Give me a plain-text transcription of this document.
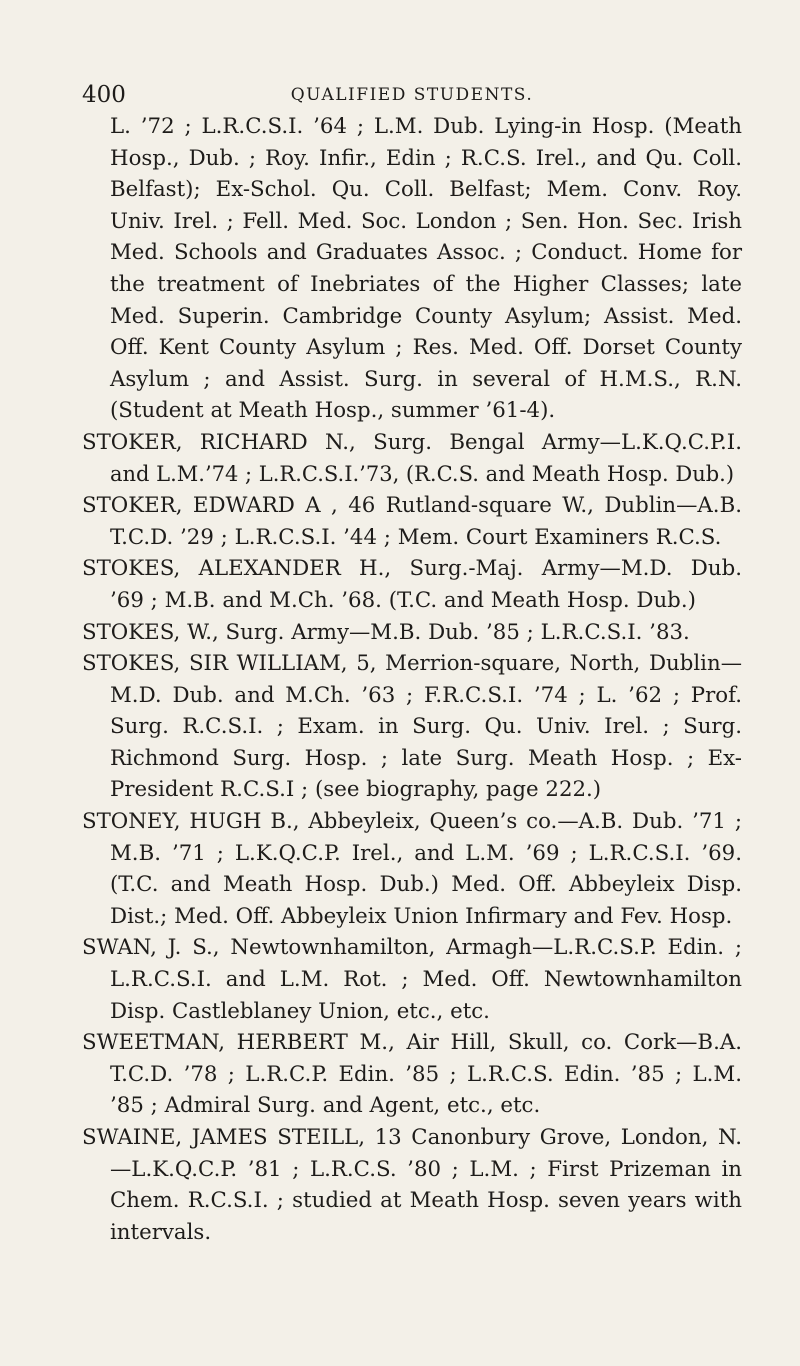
400	QUALIFIED STUDENTS.
L. ’72 ; L.R.C.S.I. ’64 ; L.M. Dub. Lying-in Hosp. (Meath
Hosp., Dub. ; Roy. Infir., Edin ; R.C.S. Irel., and Qu. Coll.
Belfast); Ex-Schol. Qu. Coll. Belfast; Mem. Conv. Roy.
Univ. Irel. ; Fell. Med. Soc. London ; Sen. Hon. Sec. Irish
Med. Schools and Graduates Assoc. ; Conduct. Home for
the treatment of Inebriates of the Higher Classes; late
Med. Superin. Cambridge County Asylum; Assist. Med.
Off. Kent County Asylum ; Res. Med. Off. Dorset County
Asylum ; and Assist. Surg. in several of H.M.S., R.N.
(Student at Meath Hosp., summer ’61-4).
STOKER, RICHARD N., Surg. Bengal Army—L.K.Q.C.P.I.
and L.M.’74 ; L.R.C.S.I.’73, (R.C.S. and Meath Hosp. Dub.)
STOKER, EDWARD A , 46 Rutland-square W., Dublin—A.B.
T.C.D. ’29 ; L.R.C.S.I. ’44 ; Mem. Court Examiners R.C.S.
STOKES, ALEXANDER H., Surg.-Maj. Army—M.D. Dub.
’69 ; M.B. and M.Ch. ’68. (T.C. and Meath Hosp. Dub.)
STOKES, W., Surg. Army—M.B. Dub. ’85 ; L.R.C.S.I. ’83.
STOKES, SIR WILLIAM, 5, Merrion-square, North, Dublin—
M.D. Dub. and M.Ch. ’63 ; F.R.C.S.I. ’74 ; L. ’62 ; Prof.
Surg. R.C.S.I. ; Exam. in Surg. Qu. Univ. Irel. ; Surg.
Richmond Surg. Hosp. ; late Surg. Meath Hosp. ; Ex-
President R.C.S.I ; (see biography, page 222.)
STONEY, HUGH B., Abbeyleix, Queen’s co.—A.B. Dub. ’71 ;
M.B. ’71 ; L.K.Q.C.P. Irel., and L.M. ’69 ; L.R.C.S.I. ’69.
(T.C. and Meath Hosp. Dub.) Med. Off. Abbeyleix Disp.
Dist.; Med. Off. Abbeyleix Union Infirmary and Fev. Hosp.
SWAN, J. S., Newtownhamilton, Armagh—L.R.C.S.P. Edin. ;
L.R.C.S.I. and L.M. Rot. ; Med. Off. Newtownhamilton
Disp. Castleblaney Union, etc., etc.
SWEETMAN, HERBERT M., Air Hill, Skull, co. Cork—B.A.
T.C.D. ’78 ; L.R.C.P. Edin. ’85 ; L.R.C.S. Edin. ’85 ; L.M.
’85 ; Admiral Surg. and Agent, etc., etc.
SWAINE, JAMES STEILL, 13 Canonbury Grove, London, N.
—L.K.Q.C.P. ’81 ; L.R.C.S. ’80 ; L.M. ; First Prizeman in
Chem. R.C.S.I. ; studied at Meath Hosp. seven years with
intervals.
